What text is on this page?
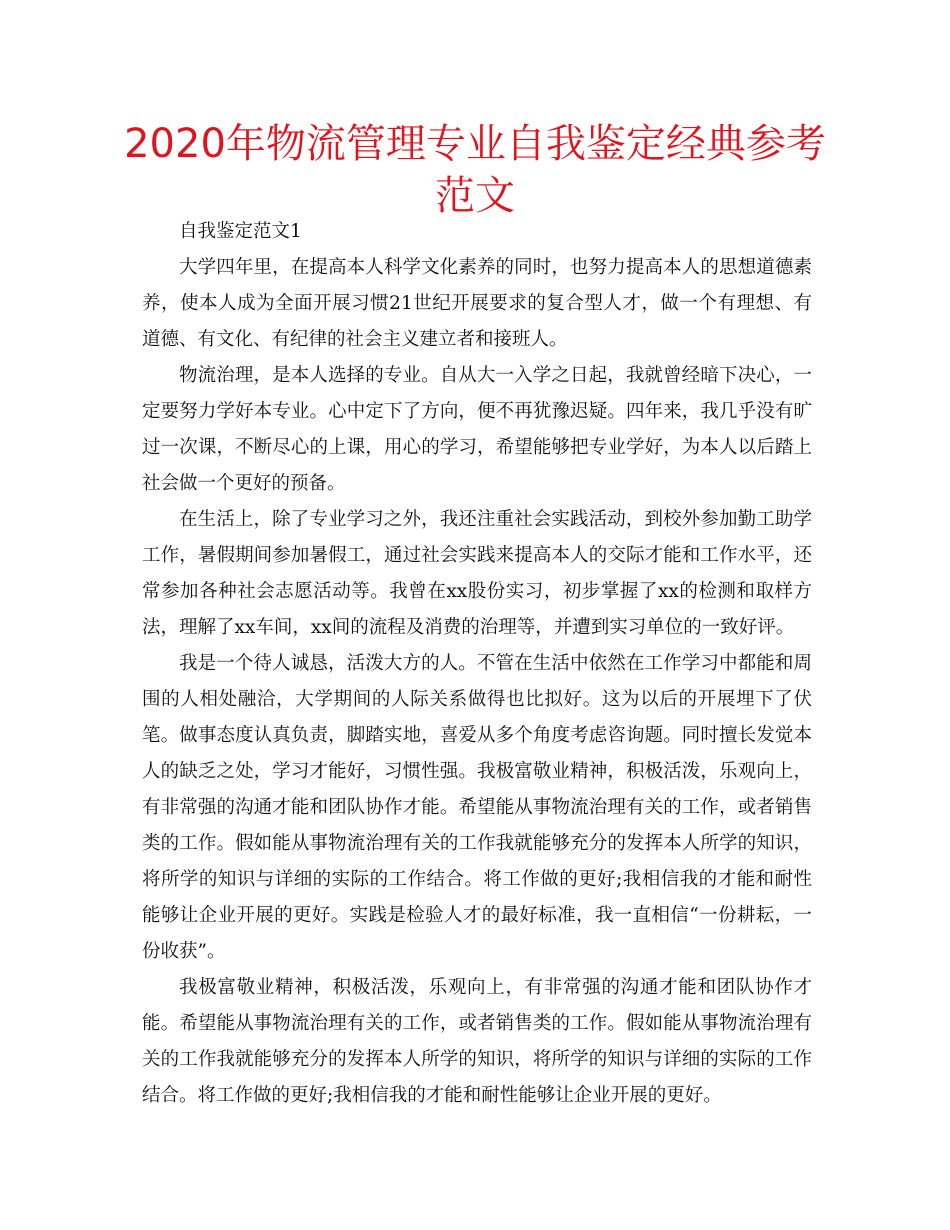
2020年物流管理专业自我鉴定经典参考范文

自我鉴定范文1

大学四年里，在提高本人科学文化素养的同时，也努力提高本人的思想道德素养，使本人成为全面开展习惯21世纪开展要求的复合型人才，做一个有理想、有道德、有文化、有纪律的社会主义建立者和接班人。

物流治理，是本人选择的专业。自从大一入学之日起，我就曾经暗下决心，一定要努力学好本专业。心中定下了方向，便不再犹豫迟疑。四年来，我几乎没有旷过一次课，不断尽心的上课，用心的学习，希望能够把专业学好，为本人以后踏上社会做一个更好的预备。

在生活上，除了专业学习之外，我还注重社会实践活动，到校外参加勤工助学工作，暑假期间参加暑假工，通过社会实践来提高本人的交际才能和工作水平，还常参加各种社会志愿活动等。我曾在xx股份实习，初步掌握了xx的检测和取样方法，理解了xx车间，xx间的流程及消费的治理等，并遭到实习单位的一致好评。

我是一个待人诚恳，活泼大方的人。不管在生活中依然在工作学习中都能和周围的人相处融洽，大学期间的人际关系做得也比拟好。这为以后的开展埋下了伏笔。做事态度认真负责，脚踏实地，喜爱从多个角度考虑咨询题。同时擅长发觉本人的缺乏之处，学习才能好，习惯性强。我极富敬业精神，积极活泼，乐观向上，有非常强的沟通才能和团队协作才能。希望能从事物流治理有关的工作，或者销售类的工作。假如能从事物流治理有关的工作我就能够充分的发挥本人所学的知识，将所学的知识与详细的实际的工作结合。将工作做的更好;我相信我的才能和耐性能够让企业开展的更好。实践是检验人才的最好标准，我一直相信“一份耕耘，一份收获”。

我极富敬业精神，积极活泼，乐观向上，有非常强的沟通才能和团队协作才能。希望能从事物流治理有关的工作，或者销售类的工作。假如能从事物流治理有关的工作我就能够充分的发挥本人所学的知识，将所学的知识与详细的实际的工作结合。将工作做的更好;我相信我的才能和耐性能够让企业开展的更好。
